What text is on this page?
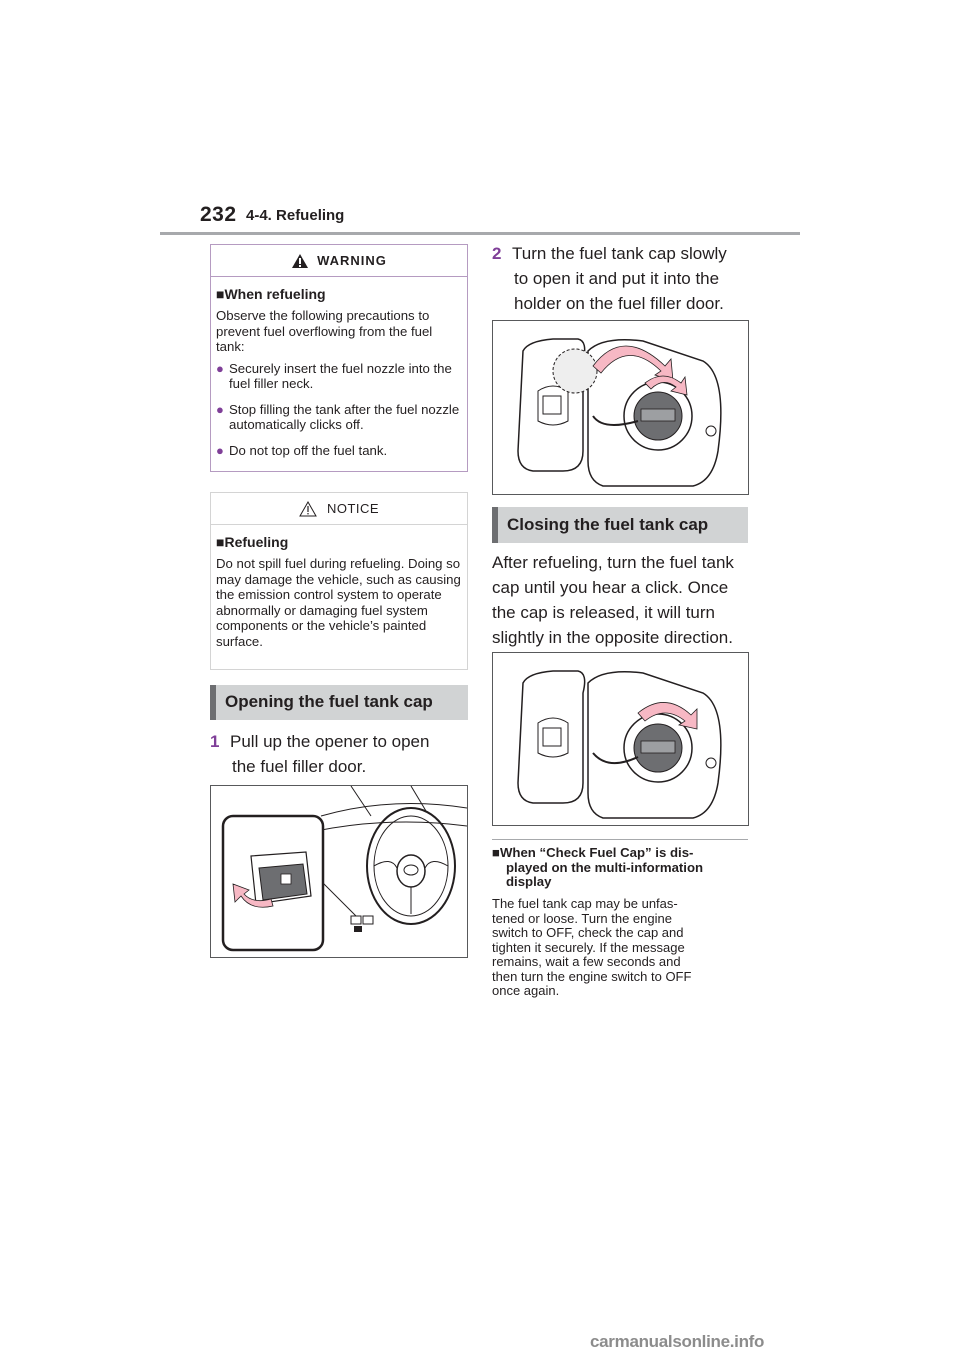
232 4-4. Refueling
WARNING
■When refueling

Observe the following precautions to prevent fuel overflowing from the fuel tank:

● Securely insert the fuel nozzle into the fuel filler neck.
● Stop filling the tank after the fuel nozzle automatically clicks off.
● Do not top off the fuel tank.
NOTICE
■Refueling

Do not spill fuel during refueling. Doing so may damage the vehicle, such as causing the emission control system to operate abnormally or damaging fuel system components or the vehicle’s painted surface.

Opening the fuel tank cap
1 Pull up the opener to open
the fuel filler door.
2 Turn the fuel tank cap slowly
to open it and put it into the
holder on the fuel filler door.
Closing the fuel tank cap
After refueling, turn the fuel tank
cap until you hear a click. Once
the cap is released, it will turn
slightly in the opposite direction.
■When “Check Fuel Cap” is dis-
played on the multi-information
display
The fuel tank cap may be unfas-
tened or loose. Turn the engine
switch to OFF, check the cap and
tighten it securely. If the message
remains, wait a few seconds and
then turn the engine switch to OFF
once again.
carmanualsonline.info
